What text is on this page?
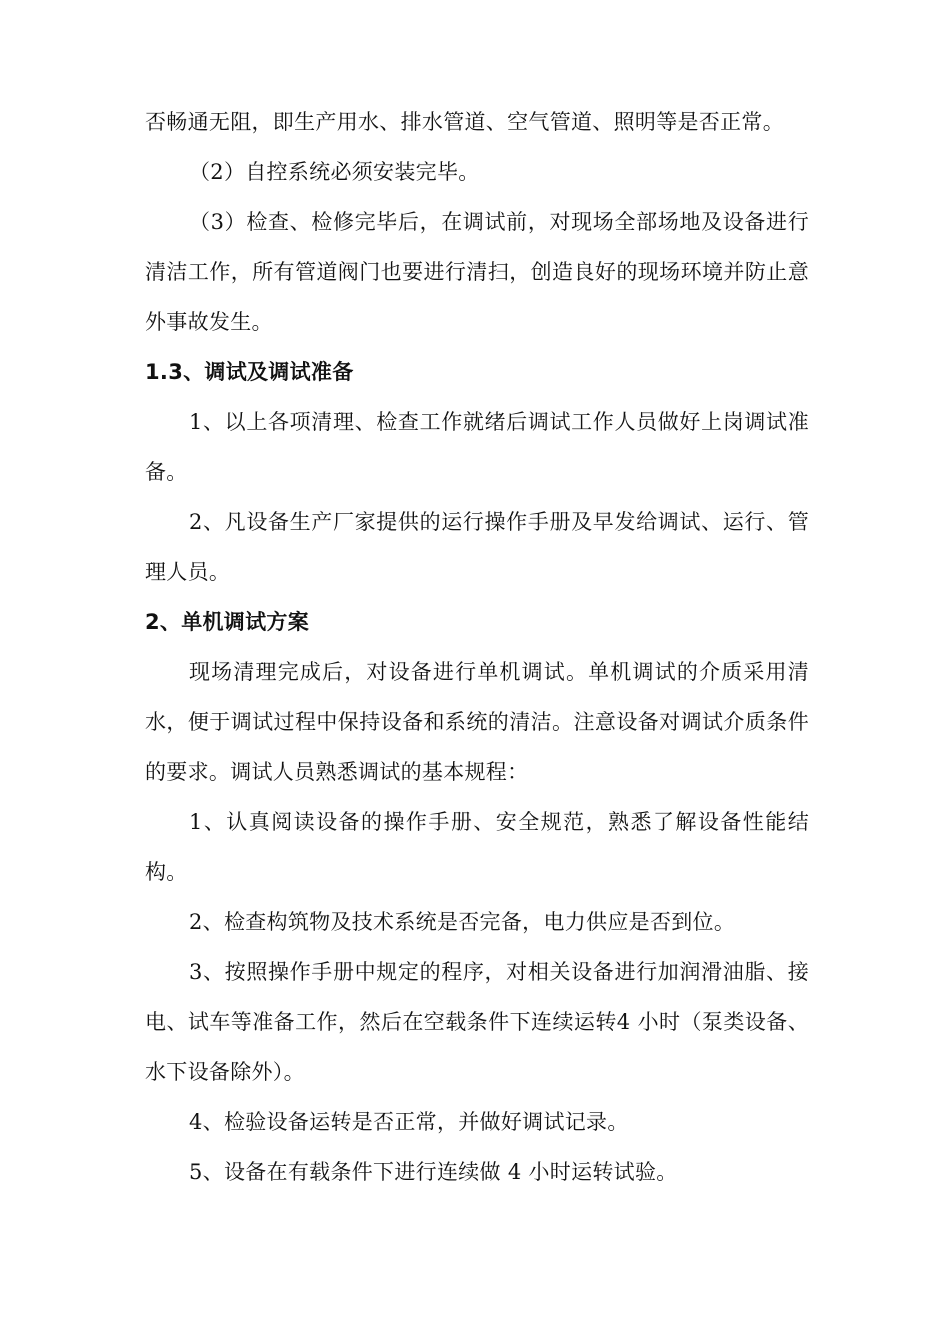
否畅通无阻，即生产用水、排水管道、空气管道、照明等是否正常。

（2）自控系统必须安装完毕。

（3）检查、检修完毕后，在调试前，对现场全部场地及设备进行清洁工作，所有管道阀门也要进行清扫，创造良好的现场环境并防止意外事故发生。

1.3、调试及调试准备

1、以上各项清理、检查工作就绪后调试工作人员做好上岗调试准备。

2、凡设备生产厂家提供的运行操作手册及早发给调试、运行、管理人员。

2、单机调试方案

现场清理完成后，对设备进行单机调试。单机调试的介质采用清水，便于调试过程中保持设备和系统的清洁。注意设备对调试介质条件的要求。调试人员熟悉调试的基本规程：

1、认真阅读设备的操作手册、安全规范，熟悉了解设备性能结构。

2、检查构筑物及技术系统是否完备，电力供应是否到位。

3、按照操作手册中规定的程序，对相关设备进行加润滑油脂、接电、试车等准备工作，然后在空载条件下连续运转4 小时（泵类设备、水下设备除外）。

4、检验设备运转是否正常，并做好调试记录。

5、设备在有载条件下进行连续做 4 小时运转试验。
